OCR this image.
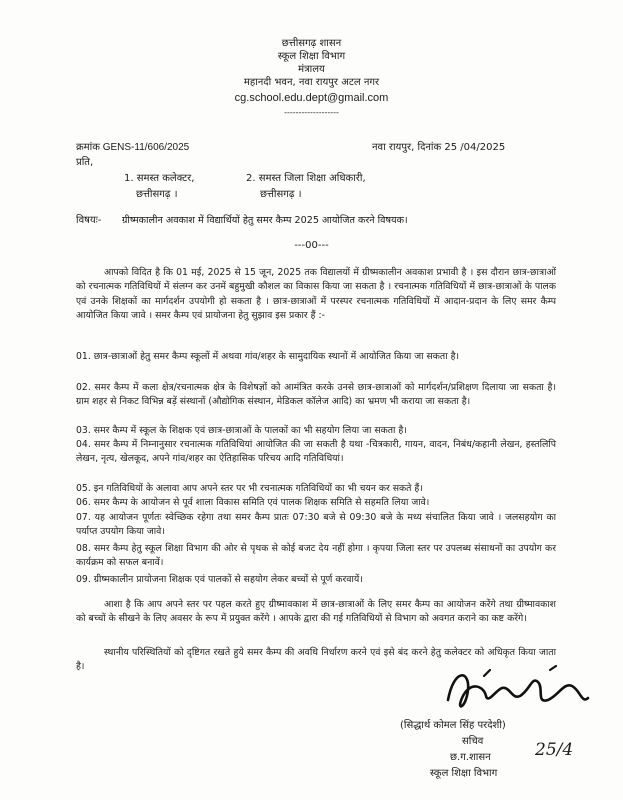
छत्तीसगढ़ शासन
स्कूल शिक्षा विभाग
मंत्रालय
महानदी भवन, नवा रायपुर अटल नगर
cg.school.edu.dept@gmail.com
-------------------
क्रमांक GENS-11/606/2025	नवा रायपुर, दिनांक 25 /04/2025
प्रति,
1. समस्त कलेक्टर,
छत्तीसगढ़ ।
2. समस्त जिला शिक्षा अधिकारी,
छत्तीसगढ़ ।
विषयः- ग्रीष्मकालीन अवकाश में विद्यार्थियों हेतु समर कैम्प 2025 आयोजित करने विषयक।
---00---
आपको विदित है कि 01 मई, 2025 से 15 जून, 2025 तक विद्यालयों में ग्रीष्मकालीन अवकाश प्रभावी है । इस दौरान छात्र-छात्राओं को रचनात्मक गतिविधियों में संलग्न कर उनमें बहुमुखी कौशल का विकास किया जा सकता है । रचनात्मक गतिविधियों में छात्र-छात्राओं के पालक एवं उनके शिक्षकों का मार्गदर्शन उपयोगी हो सकता है । छात्र-छात्राओं में परस्पर रचनात्मक गतिविधियों में आदान-प्रदान के लिए समर कैम्प आयोजित किया जावे । समर कैम्प एवं प्रायोजना हेतु सुझाव इस प्रकार हैं :-
01. छात्र-छात्राओं हेतु समर कैम्प स्कूलों में अथवा गांव/शहर के सामुदायिक स्थानों में आयोजित किया जा सकता है।
02. समर कैम्प में कला क्षेत्र/रचनात्मक क्षेत्र के विशेषज्ञों को आमंत्रित करके उनसे छात्र-छात्राओं को मार्गदर्शन/प्रशिक्षण दिलाया जा सकता है। ग्राम शहर से निकट विभिन्न बड़ें संस्थानों (औद्योगिक संस्थान, मेडिकल कॉलेज आदि) का भ्रमण भी कराया जा सकता है।
03. समर कैम्प में स्कूल के शिक्षक एवं छात्र-छात्राओं के पालकों का भी सहयोग लिया जा सकता है।
04. समर कैम्प में निम्नानुसार रचनात्मक गतिविधियां आयोजित की जा सकती है यथा -चित्रकारी, गायन, वादन, निबंध/कहानी लेखन, हस्तलिपि लेखन, नृत्य, खेलकूद, अपने गांव/शहर का ऐतिहासिक परिचय आदि गतिविधियां।
05. इन गतिविधियों के अलावा आप अपने स्तर पर भी रचनात्मक गतिविधियों का भी चयन कर सकते हैं।
06. समर कैम्प के आयोजन से पूर्व शाला विकास समिति एवं पालक शिक्षक समिति से सहमति लिया जावे।
07. यह आयोजन पूर्णतः स्वेच्छिक रहेगा तथा समर कैम्प प्रातः 07:30 बजे से 09:30 बजे के मध्य संचालित किया जावे । जलसहयोग का पर्याप्त उपयोग किया जावे।
08. समर कैम्प हेतु स्कूल शिक्षा विभाग की ओर से पृथक से कोई बजट देय नहीं होगा । कृपया जिला स्तर पर उपलब्ध संसाधनों का उपयोग कर कार्यक्रम को सफल बनावें।
09. ग्रीष्मकालीन प्रायोजना शिक्षक एवं पालकों से सहयोग लेकर बच्चों से पूर्ण करवायें।
आशा है कि आप अपने स्तर पर पहल करते हुए ग्रीष्मावकाश में छात्र-छात्राओं के लिए समर कैम्प का आयोजन करेंगे तथा ग्रीष्मावकाश को बच्चों के सीखने के लिए अवसर के रूप में प्रयुक्त करेंगे । आपके द्वारा की गई गतिविधियों से विभाग को अवगत कराने का कष्ट करेंगे।
स्थानीय परिस्थितियों को दृष्टिगत रखते हुये समर कैम्प की अवधि निर्धारण करने एवं इसे बंद करने हेतु कलेक्टर को अधिकृत किया जाता है।
(सिद्धार्थ कोमल सिंह परदेशी)
सचिव
छ.ग.शासन
स्कूल शिक्षा विभाग
25/4
